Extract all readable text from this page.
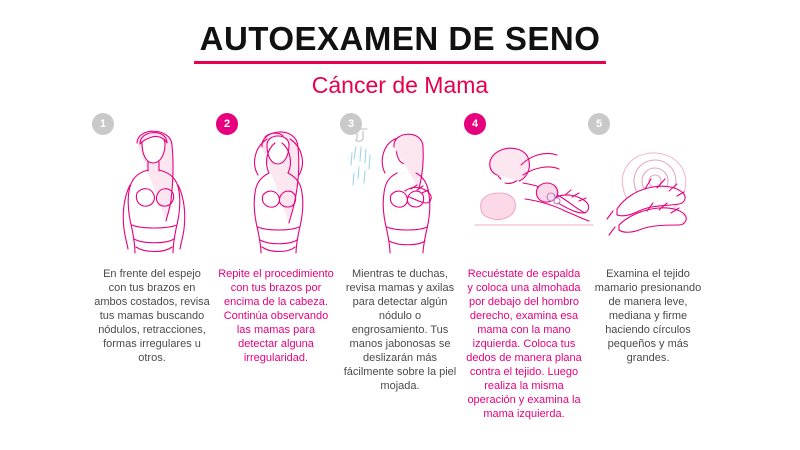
AUTOEXAMEN DE SENO
Cáncer de Mama
1
En frente del espejo con tus brazos en ambos costados, revisa tus mamas buscando nódulos, retracciones, formas irregulares u otros.
2
Repite el procedimiento con tus brazos por encima de la cabeza. Continúa observando las mamas para detectar alguna irregularidad.
3
Mientras te duchas, revisa mamas y axilas para detectar algún nódulo o engrosamiento. Tus manos jabonosas se deslizarán más fácilmente sobre la piel mojada.
4
Recuéstate de espalda y coloca una almohada por debajo del hombro derecho, examina esa mama con la mano izquierda. Coloca tus dedos de manera plana contra el tejido. Luego realiza la misma operación y examina la mama izquierda.
5
Examina el tejido mamario presionando de manera leve, mediana y firme haciendo círculos pequeños y más grandes.
